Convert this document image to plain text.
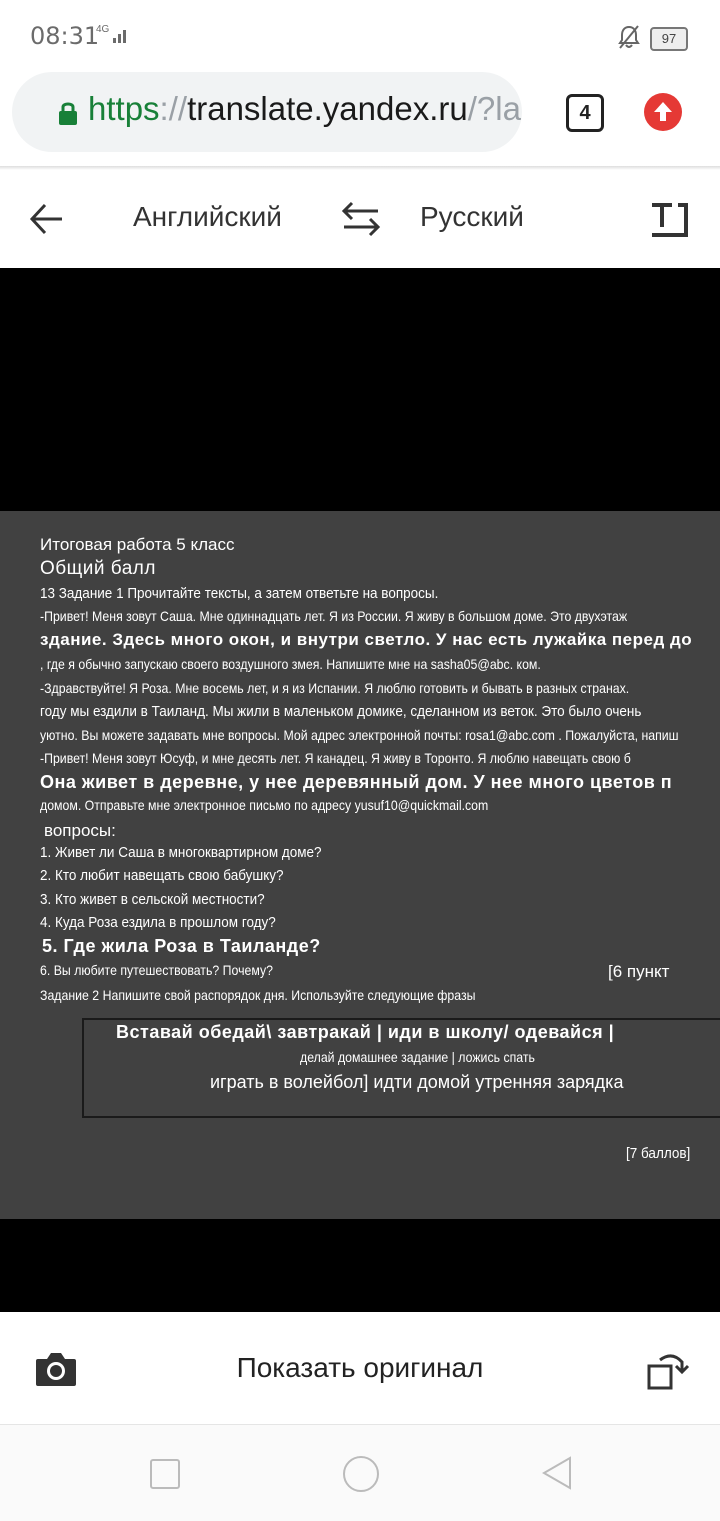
08:31
4G
97
https://translate.yandex.ru/?la	4
Английский	Русский
Итоговая работа 5 класс
Общий балл
13 Задание 1 Прочитайте тексты, а затем ответьте на вопросы.
-Привет! Меня зовут Саша. Мне одиннадцать лет. Я из России. Я живу в большом доме. Это двухэтаж
здание. Здесь много окон, и внутри светло. У нас есть лужайка перед до
, где я обычно запускаю своего воздушного змея. Напишите мне на sasha05@abc. ком.
-Здравствуйте! Я Роза. Мне восемь лет, и я из Испании. Я люблю готовить и бывать в разных странах.
году мы ездили в Таиланд. Мы жили в маленьком домике, сделанном из веток. Это было очень
уютно. Вы можете задавать мне вопросы. Мой адрес электронной почты: rosa1@abc.com . Пожалуйста, напиш
-Привет! Меня зовут Юсуф, и мне десять лет. Я канадец. Я живу в Торонто. Я люблю навещать свою б
Она живет в деревне, у нее деревянный дом. У нее много цветов п
домом. Отправьте мне электронное письмо по адресу yusuf10@quickmail.com
вопросы:
1. Живет ли Саша в многоквартирном доме?
2. Кто любит навещать свою бабушку?
3. Кто живет в сельской местности?
4. Куда Роза ездила в прошлом году?
5. Где жила Роза в Таиланде?
6. Вы любите путешествовать? Почему?	[6 пункт
Задание 2 Напишите свой распорядок дня. Используйте следующие фразы
Вставай обедай\ завтракай | иди в школу/ одевайся |
делай домашнее задание | ложись спать
играть в волейбол] идти домой утренняя зарядка
[7 баллов]
Показать оригинал
